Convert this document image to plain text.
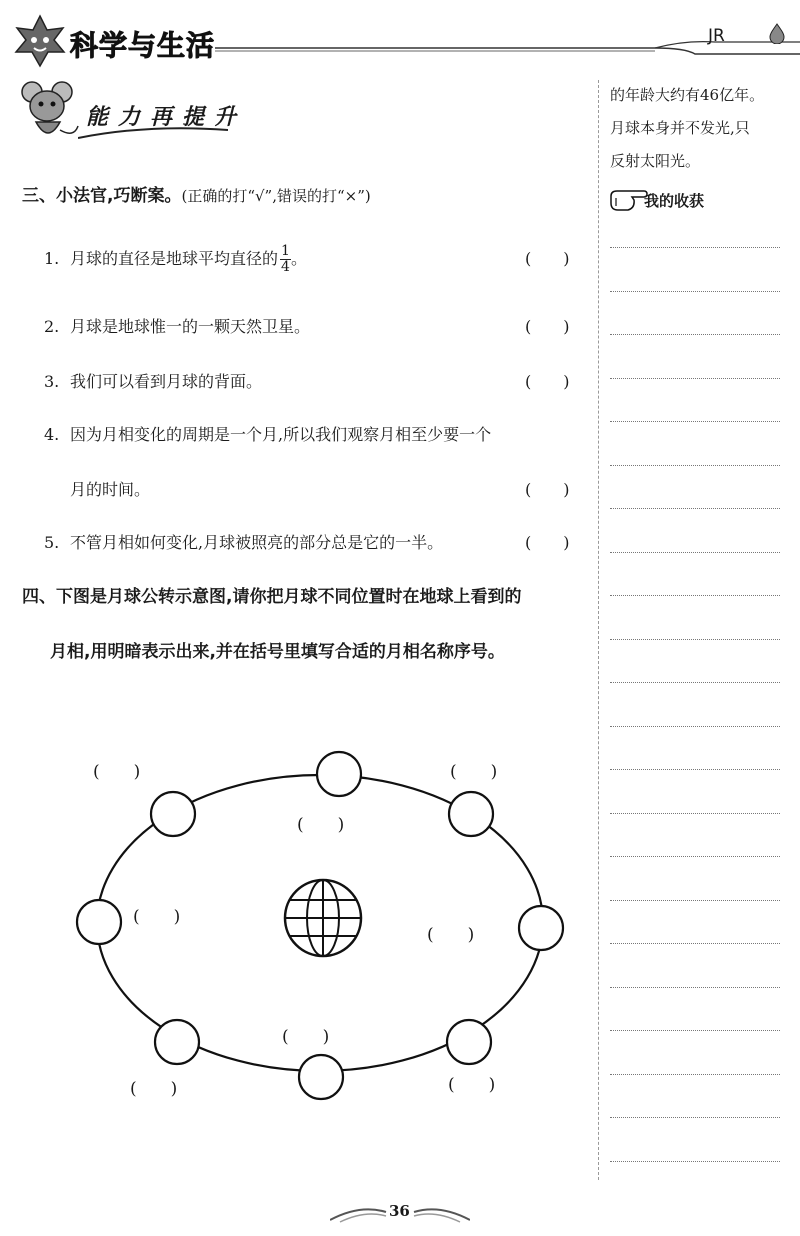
科学与生活	JR
能力再提升
三、小法官,巧断案。(正确的打“√”,错误的打“×”)
1. 月球的直径是地球平均直径的 $\frac{1}{4}$ 。	(　　)
2. 月球是地球惟一的一颗天然卫星。	(　　)
3. 我们可以看到月球的背面。	(　　)
4. 因为月相变化的周期是一个月,所以我们观察月相至少要一个
月的时间。	(　　)
5. 不管月相如何变化,月球被照亮的部分总是它的一半。	(　　)
四、下图是月球公转示意图,请你把月球不同位置时在地球上看到的
月相,用明暗表示出来,并在括号里填写合适的月相名称序号。
(　　)	(　　)
(　　)
(　　)
(　　)
(　　)
(　　)	(　　)
的年龄大约有46亿年。
月球本身并不发光,只
反射太阳光。
我的收获
36
